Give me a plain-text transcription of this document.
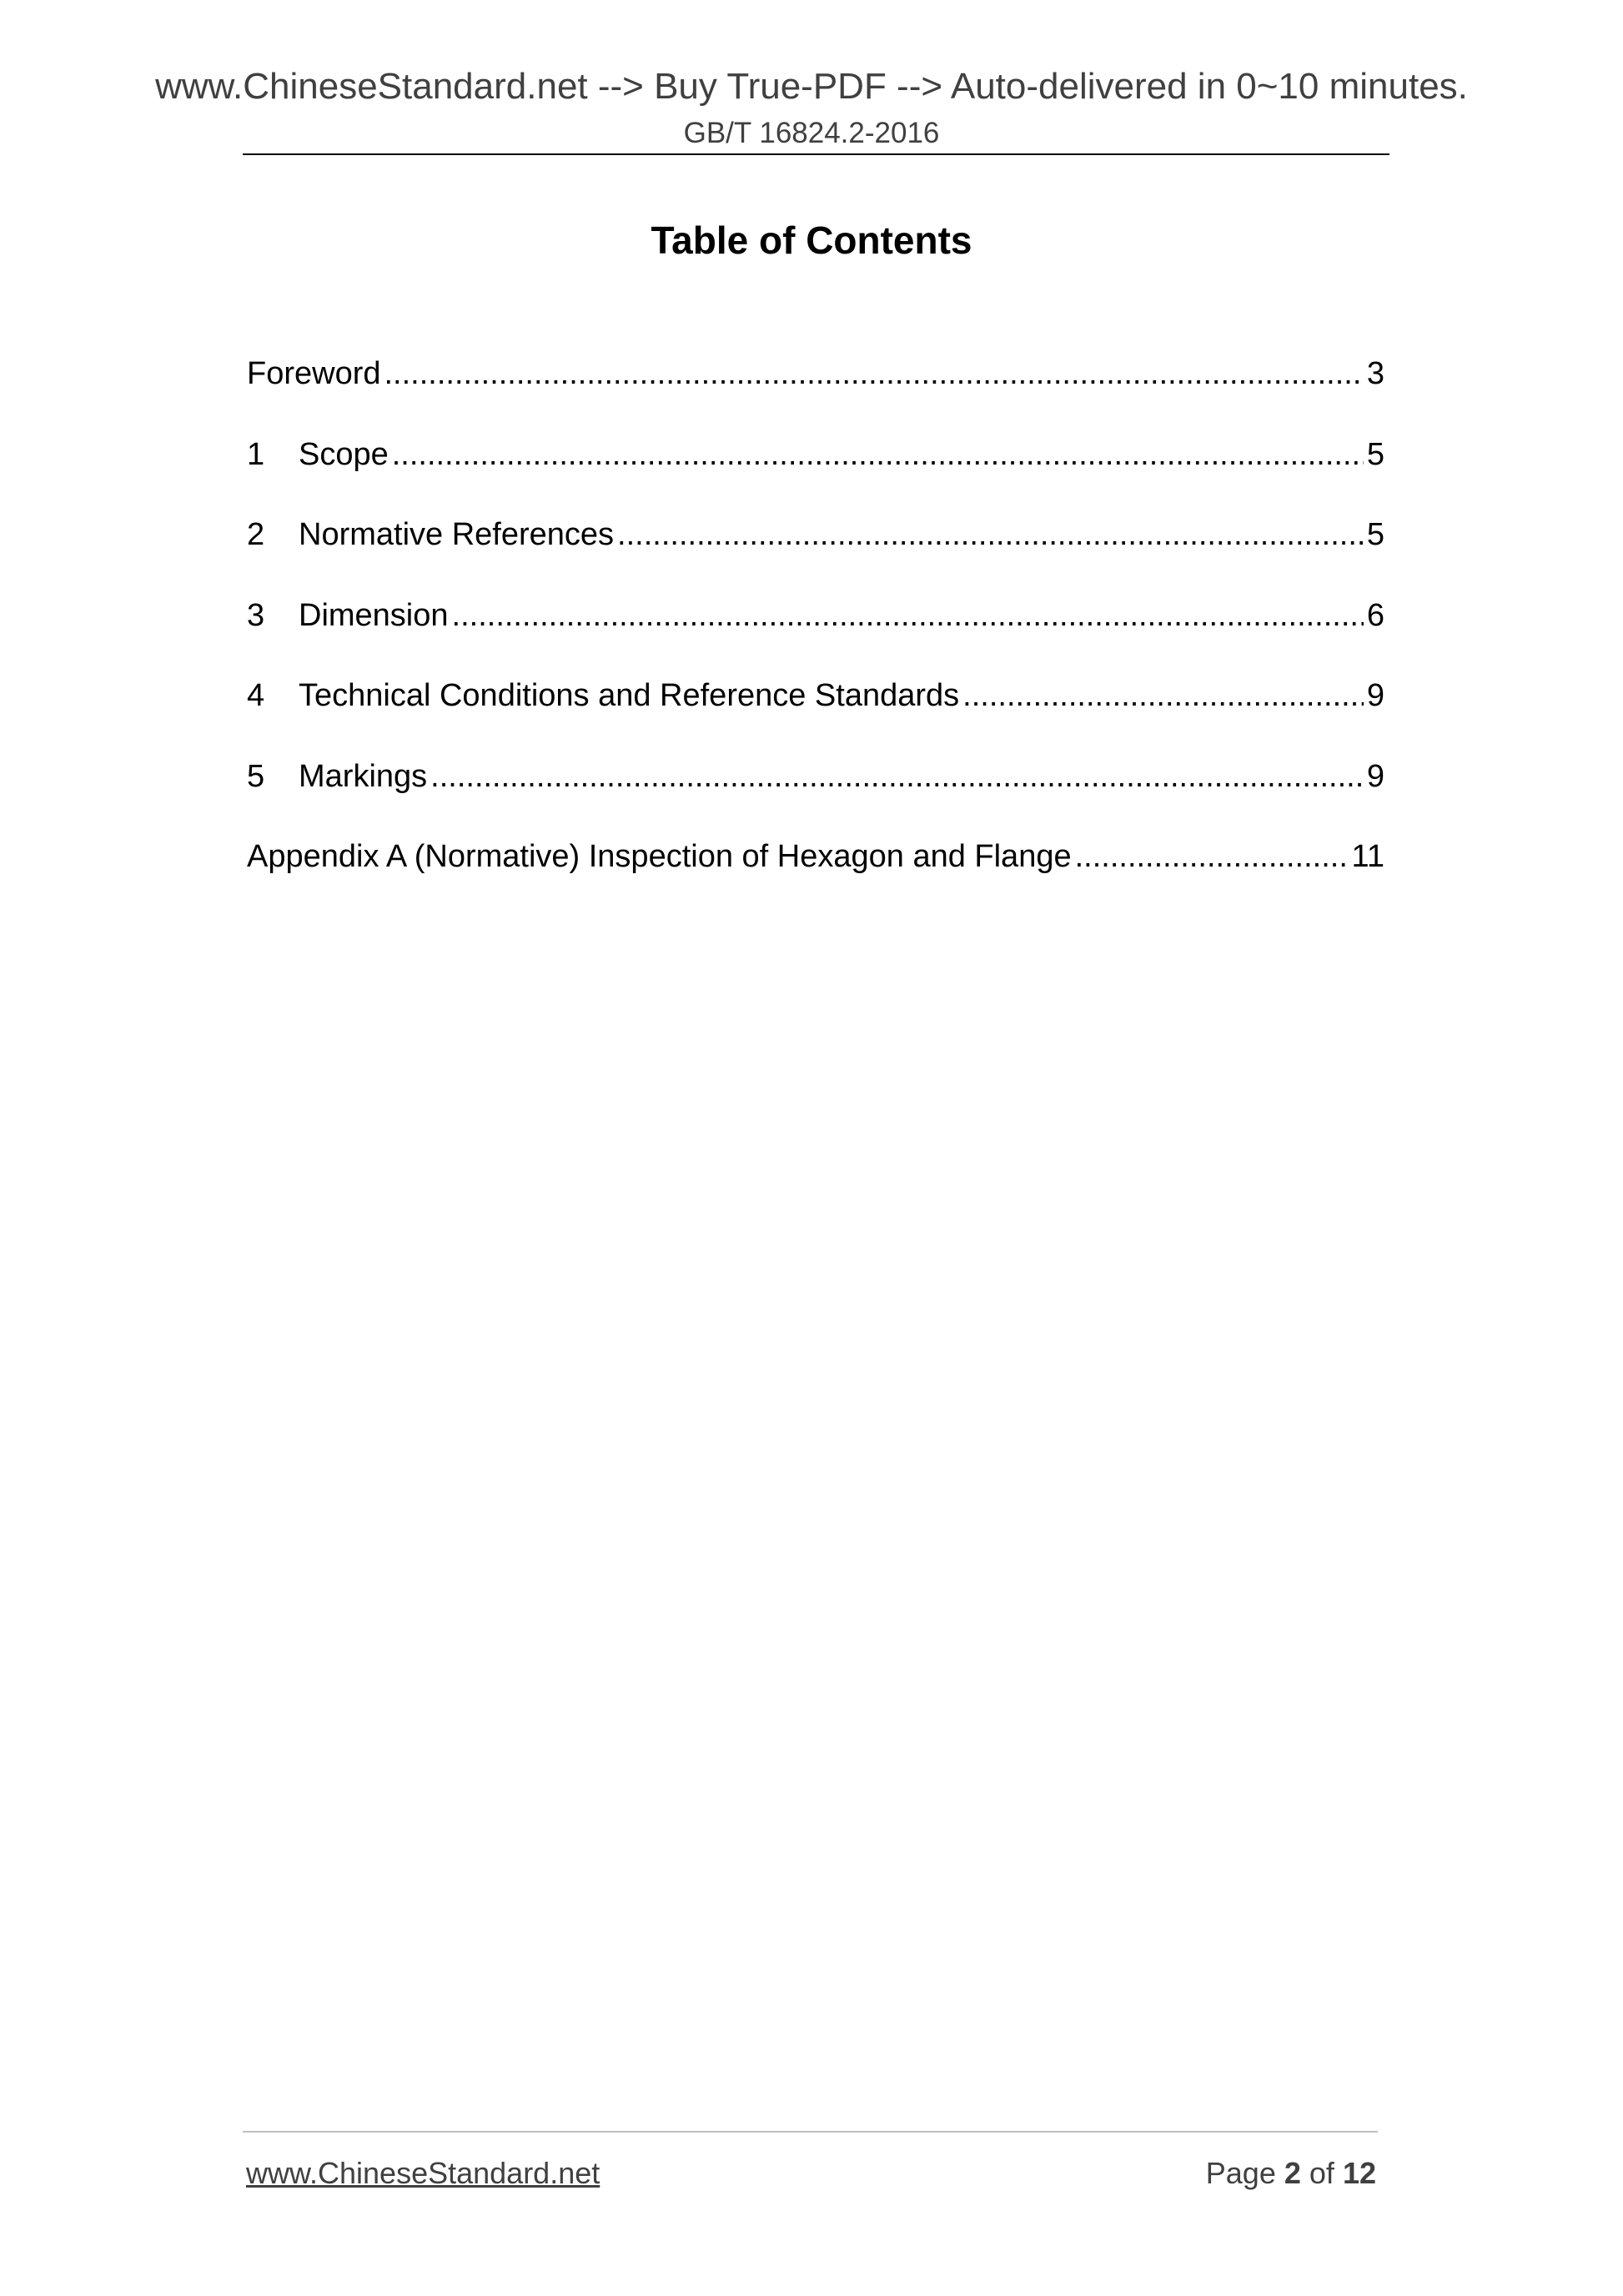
www.ChineseStandard.net --> Buy True-PDF --> Auto-delivered in 0~10 minutes.
GB/T 16824.2-2016
Table of Contents
Foreword .....	3
1	Scope .....	5
2	Normative References .....	5
3	Dimension .....	6
4	Technical Conditions and Reference Standards .....	9
5	Markings .....	9
Appendix A (Normative) Inspection of Hexagon and Flange .....	11
www.ChineseStandard.net	Page 2 of 12
